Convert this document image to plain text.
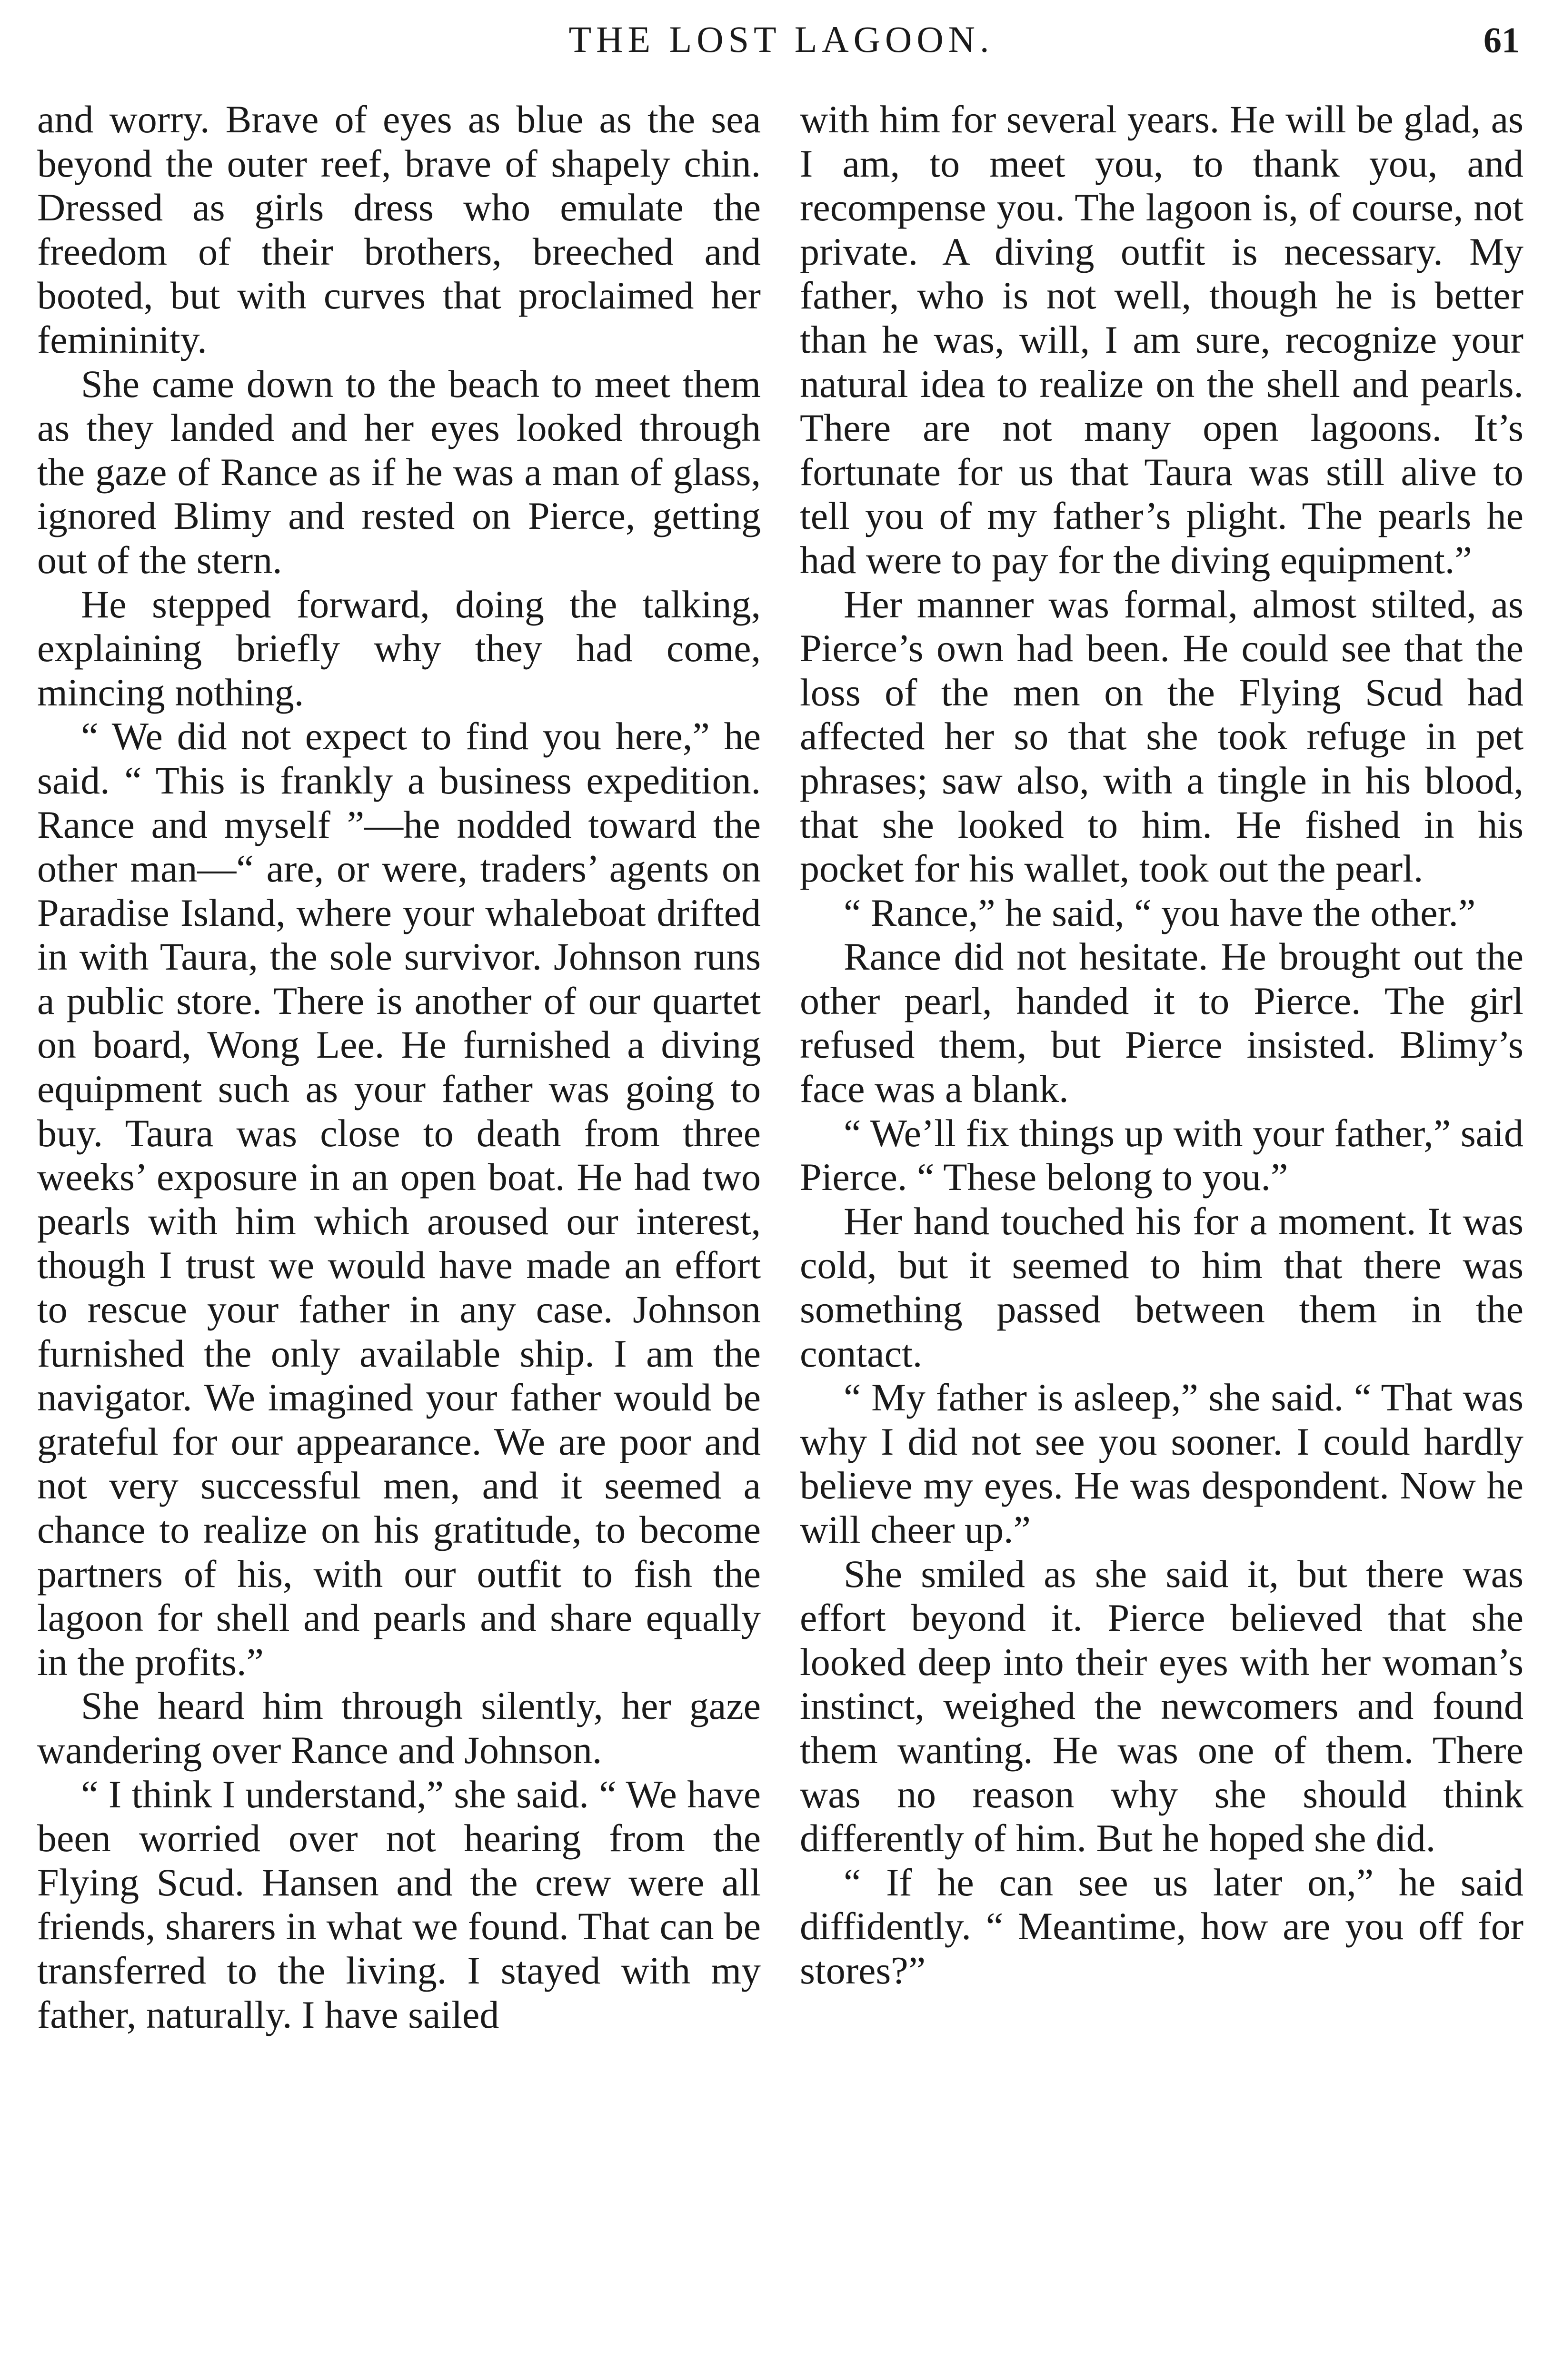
THE LOST LAGOON.	61

and worry. Brave of eyes as blue as the sea beyond the outer reef, brave of shapely chin. Dressed as girls dress who emulate the freedom of their brothers, breeched and booted, but with curves that proclaimed her femininity.

She came down to the beach to meet them as they landed and her eyes looked through the gaze of Rance as if he was a man of glass, ignored Blimy and rested on Pierce, getting out of the stern.

He stepped forward, doing the talking, explaining briefly why they had come, mincing nothing.

“ We did not expect to find you here,” he said. “ This is frankly a business expedition. Rance and myself ”—he nodded toward the other man—“ are, or were, traders’ agents on Paradise Island, where your whaleboat drifted in with Taura, the sole survivor. Johnson runs a public store. There is another of our quartet on board, Wong Lee. He furnished a diving equipment such as your father was going to buy. Taura was close to death from three weeks’ exposure in an open boat. He had two pearls with him which aroused our interest, though I trust we would have made an effort to rescue your father in any case. Johnson furnished the only available ship. I am the navigator. We imagined your father would be grateful for our appearance. We are poor and not very successful men, and it seemed a chance to realize on his gratitude, to become partners of his, with our outfit to fish the lagoon for shell and pearls and share equally in the profits.”

She heard him through silently, her gaze wandering over Rance and Johnson.

“ I think I understand,” she said. “ We have been worried over not hearing from the Flying Scud. Hansen and the crew were all friends, sharers in what we found. That can be transferred to the living. I stayed with my father, naturally. I have sailed

with him for several years. He will be glad, as I am, to meet you, to thank you, and recompense you. The lagoon is, of course, not private. A diving outfit is necessary. My father, who is not well, though he is better than he was, will, I am sure, recognize your natural idea to realize on the shell and pearls. There are not many open lagoons. It’s fortunate for us that Taura was still alive to tell you of my father’s plight. The pearls he had were to pay for the diving equipment.”

Her manner was formal, almost stilted, as Pierce’s own had been. He could see that the loss of the men on the Flying Scud had affected her so that she took refuge in pet phrases; saw also, with a tingle in his blood, that she looked to him. He fished in his pocket for his wallet, took out the pearl.

“ Rance,” he said, “ you have the other.”

Rance did not hesitate. He brought out the other pearl, handed it to Pierce. The girl refused them, but Pierce insisted. Blimy’s face was a blank.

“ We’ll fix things up with your father,” said Pierce. “ These belong to you.”

Her hand touched his for a moment. It was cold, but it seemed to him that there was something passed between them in the contact.

“ My father is asleep,” she said. “ That was why I did not see you sooner. I could hardly believe my eyes. He was despondent. Now he will cheer up.”

She smiled as she said it, but there was effort beyond it. Pierce believed that she looked deep into their eyes with her woman’s instinct, weighed the newcomers and found them wanting. He was one of them. There was no reason why she should think differently of him. But he hoped she did.

“ If he can see us later on,” he said diffidently. “ Meantime, how are you off for stores?”
